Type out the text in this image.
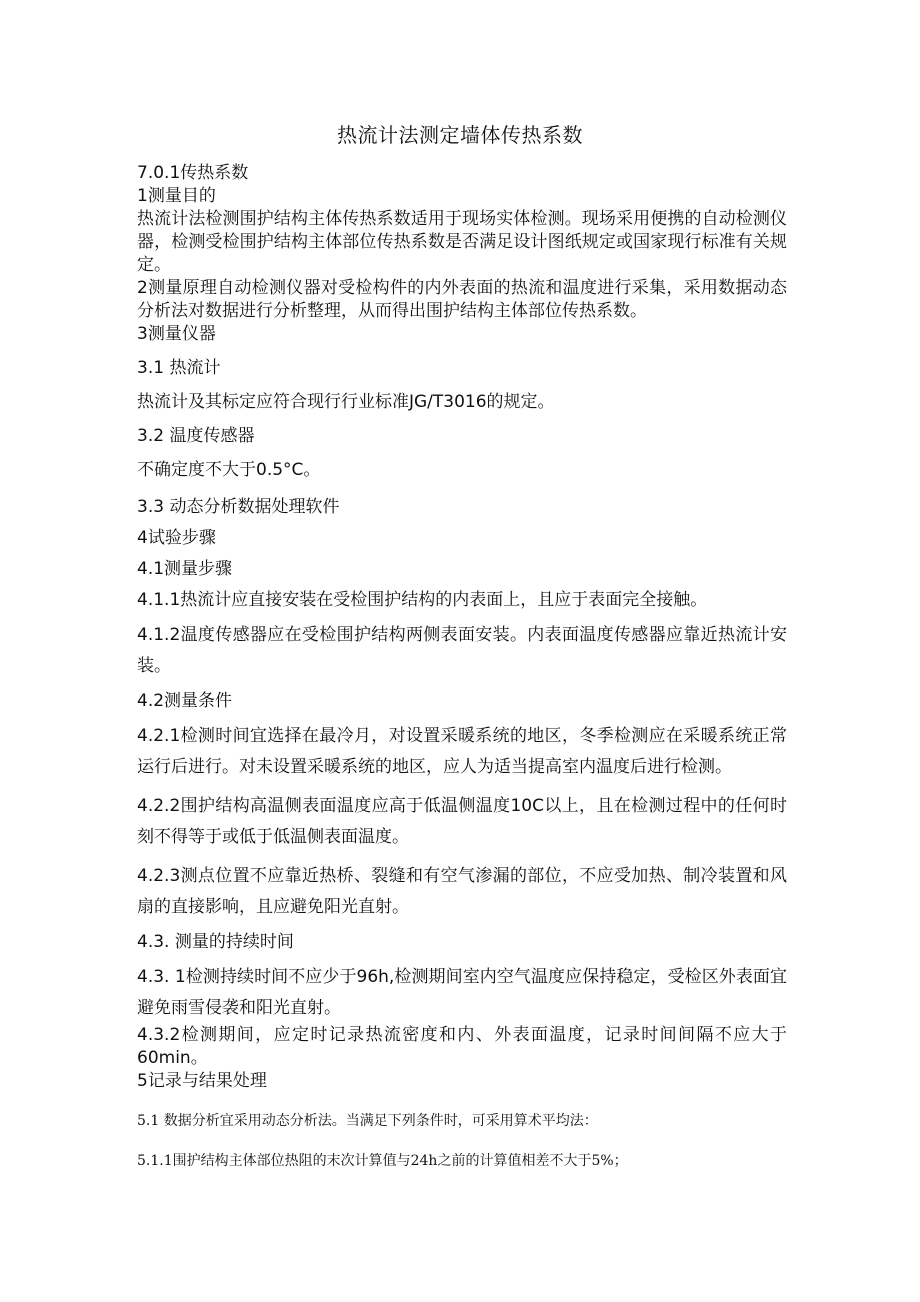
热流计法测定墙体传热系数

7.0.1传热系数

1测量目的

热流计法检测围护结构主体传热系数适用于现场实体检测。现场采用便携的自动检测仪器，检测受检围护结构主体部位传热系数是否满足设计图纸规定或国家现行标准有关规定。

2测量原理自动检测仪器对受检构件的内外表面的热流和温度进行采集，采用数据动态分析法对数据进行分析整理，从而得出围护结构主体部位传热系数。

3测量仪器

3.1 热流计

热流计及其标定应符合现行行业标准JG/T3016的规定。

3.2 温度传感器

不确定度不大于0.5°C。

3.3 动态分析数据处理软件

4试验步骤

4.1测量步骤

4.1.1热流计应直接安装在受检围护结构的内表面上，且应于表面完全接触。

4.1.2温度传感器应在受检围护结构两侧表面安装。内表面温度传感器应靠近热流计安装。

4.2测量条件

4.2.1检测时间宜选择在最冷月，对设置采暖系统的地区，冬季检测应在采暖系统正常运行后进行。对未设置采暖系统的地区，应人为适当提高室内温度后进行检测。

4.2.2围护结构高温侧表面温度应高于低温侧温度10C以上，且在检测过程中的任何时刻不得等于或低于低温侧表面温度。

4.2.3测点位置不应靠近热桥、裂缝和有空气渗漏的部位，不应受加热、制冷装置和风扇的直接影响，且应避免阳光直射。

4.3. 测量的持续时间

4.3. 1检测持续时间不应少于96h,检测期间室内空气温度应保持稳定，受检区外表面宜避免雨雪侵袭和阳光直射。

4.3.2检测期间，应定时记录热流密度和内、外表面温度，记录时间间隔不应大于60min。

5记录与结果处理

5.1 数据分析宜采用动态分析法。当满足下列条件时，可采用算术平均法：

5.1.1围护结构主体部位热阻的末次计算值与24h之前的计算值相差不大于5%；
